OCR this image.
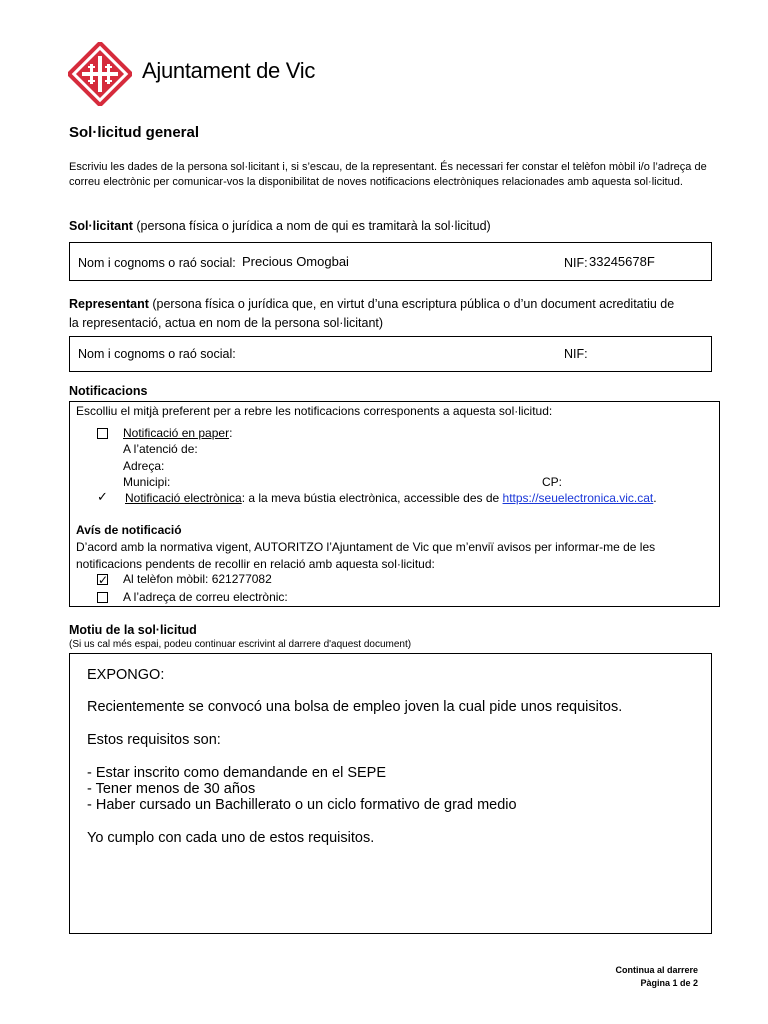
Ajuntament de Vic
Sol·licitud general
Escriviu les dades de la persona sol·licitant i, si s’escau, de la representant. És necessari fer constar el telèfon mòbil i/o l’adreça de correu electrònic per comunicar-vos la disponibilitat de noves notificacions electròniques relacionades amb aquesta sol·licitud.
Sol·licitant (persona física o jurídica a nom de qui es tramitarà la sol·licitud)
Nom i cognoms o raó social: Precious Omogbai	NIF: 33245678F
Representant (persona física o jurídica que, en virtut d’una escriptura pública o d’un document acreditatiu de
la representació, actua en nom de la persona sol·licitant)
Nom i cognoms o raó social:	NIF:
Notificacions
Escolliu el mitjà preferent per a rebre les notificacions corresponents a aquesta sol·licitud:
Notificació en paper:
A l’atenció de:
Adreça:
Municipi:	CP:
✓ Notificació electrònica: a la meva bústia electrònica, accessible des de https://seuelectronica.vic.cat.
Avís de notificació
D’acord amb la normativa vigent, AUTORITZO l’Ajuntament de Vic que m’enviï avisos per informar-me de les
notificacions pendents de recollir en relació amb aquesta sol·licitud:
✓ Al telèfon mòbil: 621277082
A l’adreça de correu electrònic:
Motiu de la sol·licitud
(Si us cal més espai, podeu continuar escrivint al darrere d'aquest document)
EXPONGO:
Recientemente se convocó una bolsa de empleo joven la cual pide unos requisitos.
Estos requisitos son:
- Estar inscrito como demandande en el SEPE
- Tener menos de 30 años
- Haber cursado un Bachillerato o un ciclo formativo de grad medio
Yo cumplo con cada uno de estos requisitos.
Continua al darrere
Pàgina 1 de 2
